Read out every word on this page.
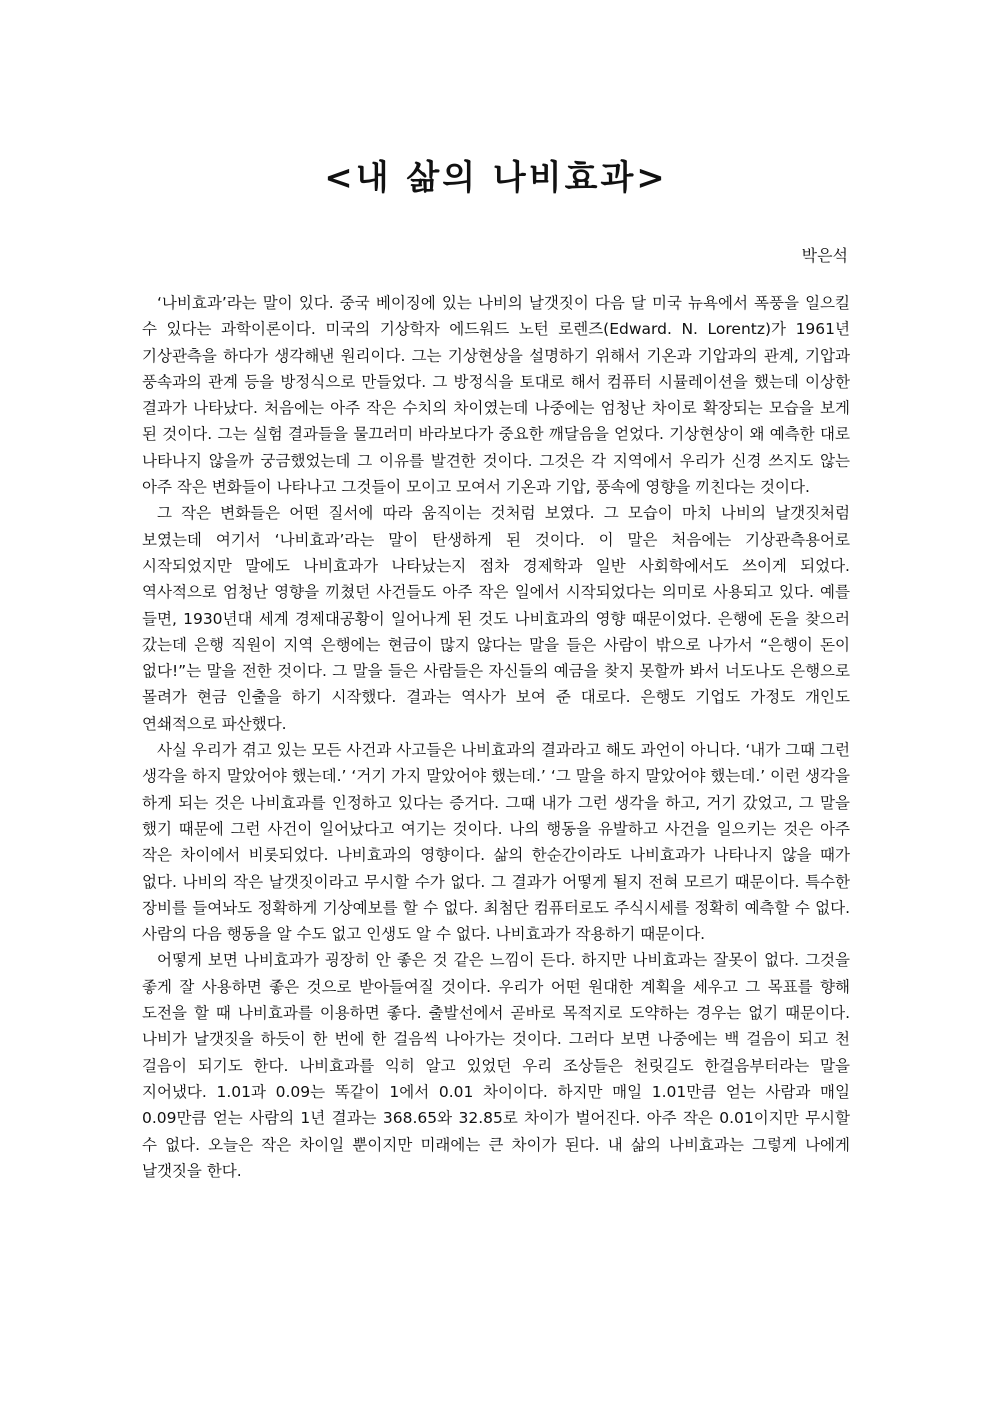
<내 삶의 나비효과>
박은석

‘나비효과’라는 말이 있다. 중국 베이징에 있는 나비의 날갯짓이 다음 달 미국 뉴욕에서 폭풍을 일으킬 수 있다는 과학이론이다. 미국의 기상학자 에드워드 노턴 로렌즈(Edward. N. Lorentz)가 1961년 기상관측을 하다가 생각해낸 원리이다. 그는 기상현상을 설명하기 위해서 기온과 기압과의 관계, 기압과 풍속과의 관계 등을 방정식으로 만들었다. 그 방정식을 토대로 해서 컴퓨터 시뮬레이션을 했는데 이상한 결과가 나타났다. 처음에는 아주 작은 수치의 차이였는데 나중에는 엄청난 차이로 확장되는 모습을 보게 된 것이다. 그는 실험 결과들을 물끄러미 바라보다가 중요한 깨달음을 얻었다. 기상현상이 왜 예측한 대로 나타나지 않을까 궁금했었는데 그 이유를 발견한 것이다. 그것은 각 지역에서 우리가 신경 쓰지도 않는 아주 작은 변화들이 나타나고 그것들이 모이고 모여서 기온과 기압, 풍속에 영향을 끼친다는 것이다.

그 작은 변화들은 어떤 질서에 따라 움직이는 것처럼 보였다. 그 모습이 마치 나비의 날갯짓처럼 보였는데 여기서 ‘나비효과’라는 말이 탄생하게 된 것이다. 이 말은 처음에는 기상관측용어로 시작되었지만 말에도 나비효과가 나타났는지 점차 경제학과 일반 사회학에서도 쓰이게 되었다. 역사적으로 엄청난 영향을 끼쳤던 사건들도 아주 작은 일에서 시작되었다는 의미로 사용되고 있다. 예를 들면, 1930년대 세계 경제대공황이 일어나게 된 것도 나비효과의 영향 때문이었다. 은행에 돈을 찾으러 갔는데 은행 직원이 지역 은행에는 현금이 많지 않다는 말을 들은 사람이 밖으로 나가서 “은행이 돈이 없다!”는 말을 전한 것이다. 그 말을 들은 사람들은 자신들의 예금을 찾지 못할까 봐서 너도나도 은행으로 몰려가 현금 인출을 하기 시작했다. 결과는 역사가 보여 준 대로다. 은행도 기업도 가정도 개인도 연쇄적으로 파산했다.

사실 우리가 겪고 있는 모든 사건과 사고들은 나비효과의 결과라고 해도 과언이 아니다. ‘내가 그때 그런 생각을 하지 말았어야 했는데.’ ‘거기 가지 말았어야 했는데.’ ‘그 말을 하지 말았어야 했는데.’ 이런 생각을 하게 되는 것은 나비효과를 인정하고 있다는 증거다. 그때 내가 그런 생각을 하고, 거기 갔었고, 그 말을 했기 때문에 그런 사건이 일어났다고 여기는 것이다. 나의 행동을 유발하고 사건을 일으키는 것은 아주 작은 차이에서 비롯되었다. 나비효과의 영향이다. 삶의 한순간이라도 나비효과가 나타나지 않을 때가 없다. 나비의 작은 날갯짓이라고 무시할 수가 없다. 그 결과가 어떻게 될지 전혀 모르기 때문이다. 특수한 장비를 들여놔도 정확하게 기상예보를 할 수 없다. 최첨단 컴퓨터로도 주식시세를 정확히 예측할 수 없다. 사람의 다음 행동을 알 수도 없고 인생도 알 수 없다. 나비효과가 작용하기 때문이다.

어떻게 보면 나비효과가 굉장히 안 좋은 것 같은 느낌이 든다. 하지만 나비효과는 잘못이 없다. 그것을 좋게 잘 사용하면 좋은 것으로 받아들여질 것이다. 우리가 어떤 원대한 계획을 세우고 그 목표를 향해 도전을 할 때 나비효과를 이용하면 좋다. 출발선에서 곧바로 목적지로 도약하는 경우는 없기 때문이다. 나비가 날갯짓을 하듯이 한 번에 한 걸음씩 나아가는 것이다. 그러다 보면 나중에는 백 걸음이 되고 천 걸음이 되기도 한다. 나비효과를 익히 알고 있었던 우리 조상들은 천릿길도 한걸음부터라는 말을 지어냈다. 1.01과 0.09는 똑같이 1에서 0.01 차이이다. 하지만 매일 1.01만큼 얻는 사람과 매일 0.09만큼 얻는 사람의 1년 결과는 368.65와 32.85로 차이가 벌어진다. 아주 작은 0.01이지만 무시할 수 없다. 오늘은 작은 차이일 뿐이지만 미래에는 큰 차이가 된다. 내 삶의 나비효과는 그렇게 나에게 날갯짓을 한다.
